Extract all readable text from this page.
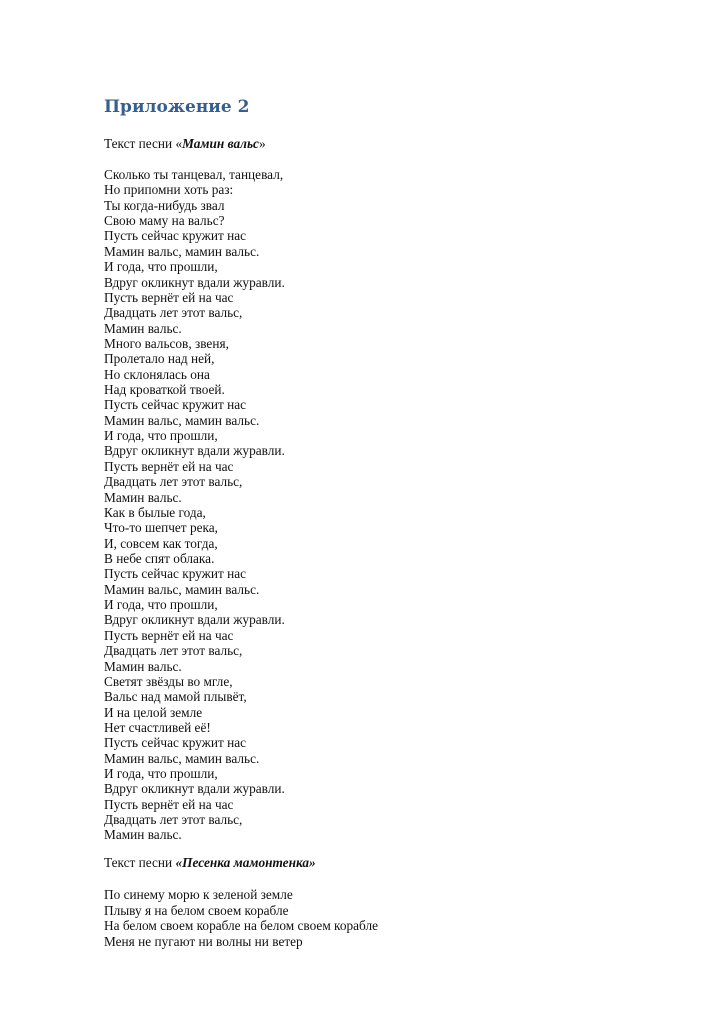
Приложение 2

Текст песни «Мамин вальс»

Сколько ты танцевал, танцевал,
Но припомни хоть раз:
Ты когда-нибудь звал
Свою маму на вальс?
Пусть сейчас кружит нас
Мамин вальс, мамин вальс.
И года, что прошли,
Вдруг окликнут вдали журавли.
Пусть вернёт ей на час
Двадцать лет этот вальс,
Мамин вальс.
Много вальсов, звеня,
Пролетало над ней,
Но склонялась она
Над кроваткой твоей.
Пусть сейчас кружит нас
Мамин вальс, мамин вальс.
И года, что прошли,
Вдруг окликнут вдали журавли.
Пусть вернёт ей на час
Двадцать лет этот вальс,
Мамин вальс.
Как в былые года,
Что-то шепчет река,
И, совсем как тогда,
В небе спят облака.
Пусть сейчас кружит нас
Мамин вальс, мамин вальс.
И года, что прошли,
Вдруг окликнут вдали журавли.
Пусть вернёт ей на час
Двадцать лет этот вальс,
Мамин вальс.
Светят звёзды во мгле,
Вальс над мамой плывёт,
И на целой земле
Нет счастливей её!
Пусть сейчас кружит нас
Мамин вальс, мамин вальс.
И года, что прошли,
Вдруг окликнут вдали журавли.
Пусть вернёт ей на час
Двадцать лет этот вальс,
Мамин вальс.

Текст песни «Песенка мамонтенка»

По синему морю к зеленой земле
Плыву я на белом своем корабле
На белом своем корабле на белом своем корабле
Меня не пугают ни волны ни ветер
